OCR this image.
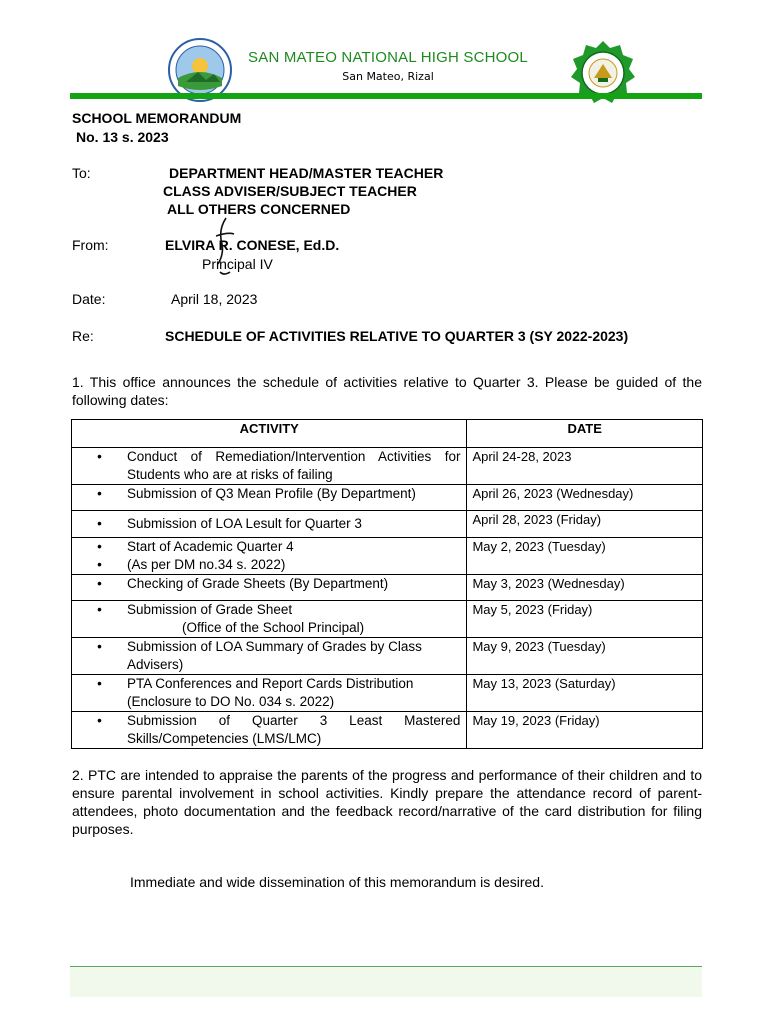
SAN MATEO NATIONAL HIGH SCHOOL
San Mateo, Rizal
SCHOOL MEMORANDUM
No. 13 s. 2023
To:	DEPARTMENT HEAD/MASTER TEACHER
CLASS ADVISER/SUBJECT TEACHER
ALL OTHERS CONCERNED
From:	ELVIRA R. CONESE, Ed.D.
Principal IV
Date:	April 18, 2023
Re:	SCHEDULE OF ACTIVITIES RELATIVE TO QUARTER 3 (SY 2022-2023)
1. This office announces the schedule of activities relative to Quarter 3. Please be guided of the following dates:
ACTIVITY	DATE

• Conduct of Remediation/Intervention Activities for Students who are at risks of failing	April 24-28, 2023

• Submission of Q3 Mean Profile (By Department)	April 26, 2023 (Wednesday)

• Submission of LOA Lesult for Quarter 3	April 28, 2023 (Friday)

• Start of Academic Quarter 4
• (As per DM no.34 s. 2022)	May 2, 2023 (Tuesday)

• Checking of Grade Sheets (By Department)	May 3, 2023 (Wednesday)

• Submission of Grade Sheet
(Office of the School Principal)	May 5, 2023 (Friday)

• Submission of LOA Summary of Grades by Class Advisers)	May 9, 2023 (Tuesday)

• PTA Conferences and Report Cards Distribution (Enclosure to DO No. 034 s. 2022)	May 13, 2023 (Saturday)

• Submission of Quarter 3 Least Mastered Skills/Competencies (LMS/LMC)	May 19, 2023 (Friday)
2. PTC are intended to appraise the parents of the progress and performance of their children and to ensure parental involvement in school activities. Kindly prepare the attendance record of parent-attendees, photo documentation and the feedback record/narrative of the card distribution for filing purposes.
Immediate and wide dissemination of this memorandum is desired.
